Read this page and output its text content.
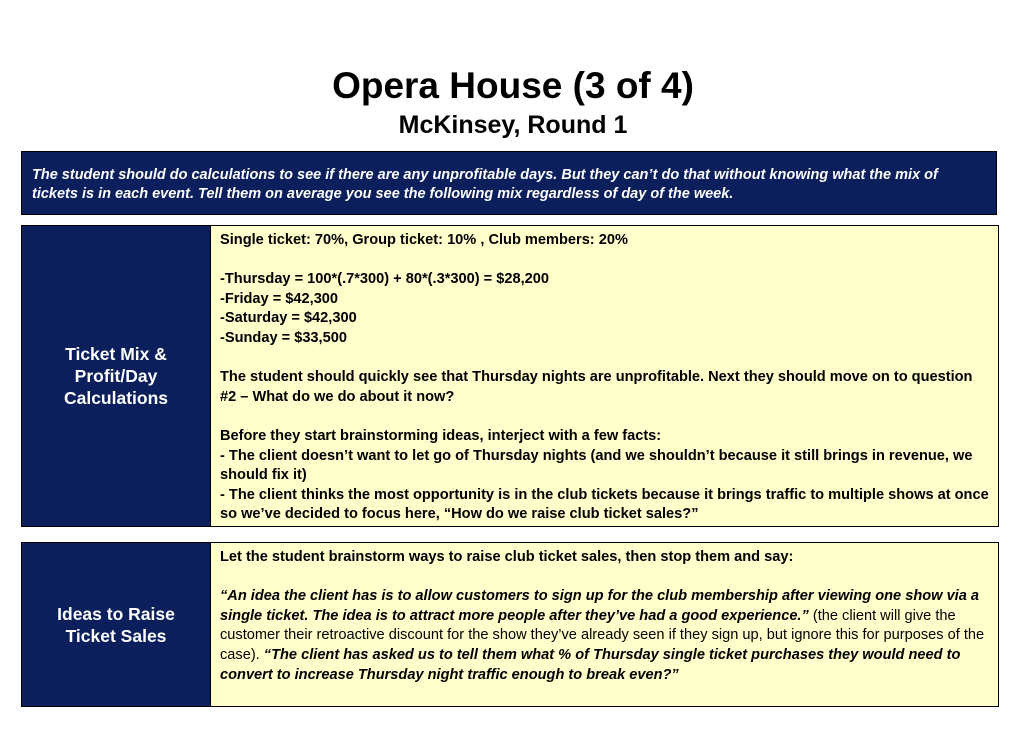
Opera House (3 of 4)
McKinsey, Round 1
The student should do calculations to see if there are any unprofitable days. But they can’t do that without knowing what the mix of tickets is in each event. Tell them on average you see the following mix regardless of day of the week.
Ticket Mix & Profit/Day Calculations

Single ticket: 70%, Group ticket: 10% , Club members: 20%

-Thursday = 100*(.7*300) + 80*(.3*300) = $28,200

-Friday = $42,300

-Saturday = $42,300

-Sunday = $33,500

The student should quickly see that Thursday nights are unprofitable. Next they should move on to question #2 – What do we do about it now?

Before they start brainstorming ideas, interject with a few facts:

- The client doesn’t want to let go of Thursday nights (and we shouldn’t because it still brings in revenue, we should fix it)

- The client thinks the most opportunity is in the club tickets because it brings traffic to multiple shows at once so we’ve decided to focus here, “How do we raise club ticket sales?”

Ideas to Raise Ticket Sales

Let the student brainstorm ways to raise club ticket sales, then stop them and say:

“An idea the client has is to allow customers to sign up for the club membership after viewing one show via a single ticket. The idea is to attract more people after they’ve had a good experience.” (the client will give the customer their retroactive discount for the show they’ve already seen if they sign up, but ignore this for purposes of the case). “The client has asked us to tell them what % of Thursday single ticket purchases they would need to convert to increase Thursday night traffic enough to break even?”
